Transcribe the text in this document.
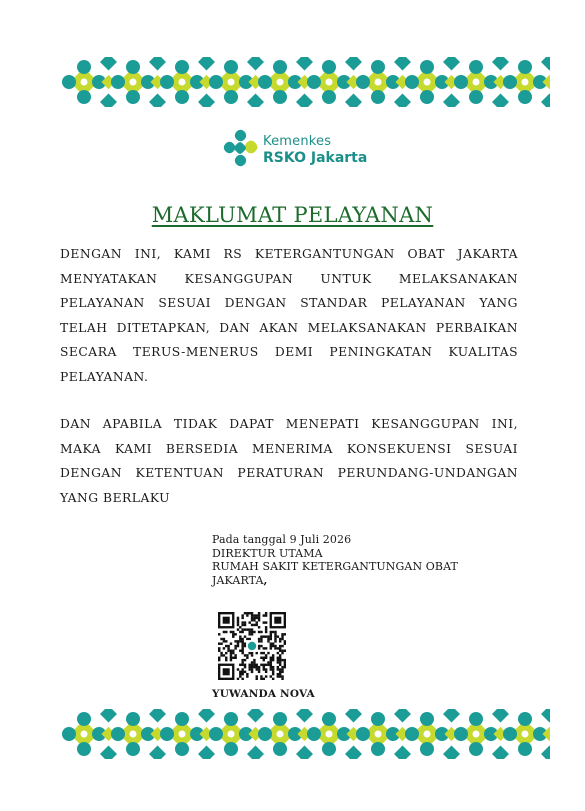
Kemenkes
RSKO Jakarta
MAKLUMAT PELAYANAN
DENGAN INI, KAMI RS KETERGANTUNGAN OBAT JAKARTA MENYATAKAN KESANGGUPAN UNTUK MELAKSANAKAN PELAYANAN SESUAI DENGAN STANDAR PELAYANAN YANG TELAH DITETAPKAN, DAN AKAN MELAKSANAKAN PERBAIKAN SECARA TERUS-MENERUS DEMI PENINGKATAN KUALITAS PELAYANAN.
DAN APABILA TIDAK DAPAT MENEPATI KESANGGUPAN INI, MAKA KAMI BERSEDIA MENERIMA KONSEKUENSI SESUAI DENGAN KETENTUAN PERATURAN PERUNDANG-UNDANGAN YANG BERLAKU
Pada tanggal 9 Juli 2026
DIREKTUR UTAMA
RUMAH SAKIT KETERGANTUNGAN OBAT
JAKARTA,
YUWANDA NOVA
